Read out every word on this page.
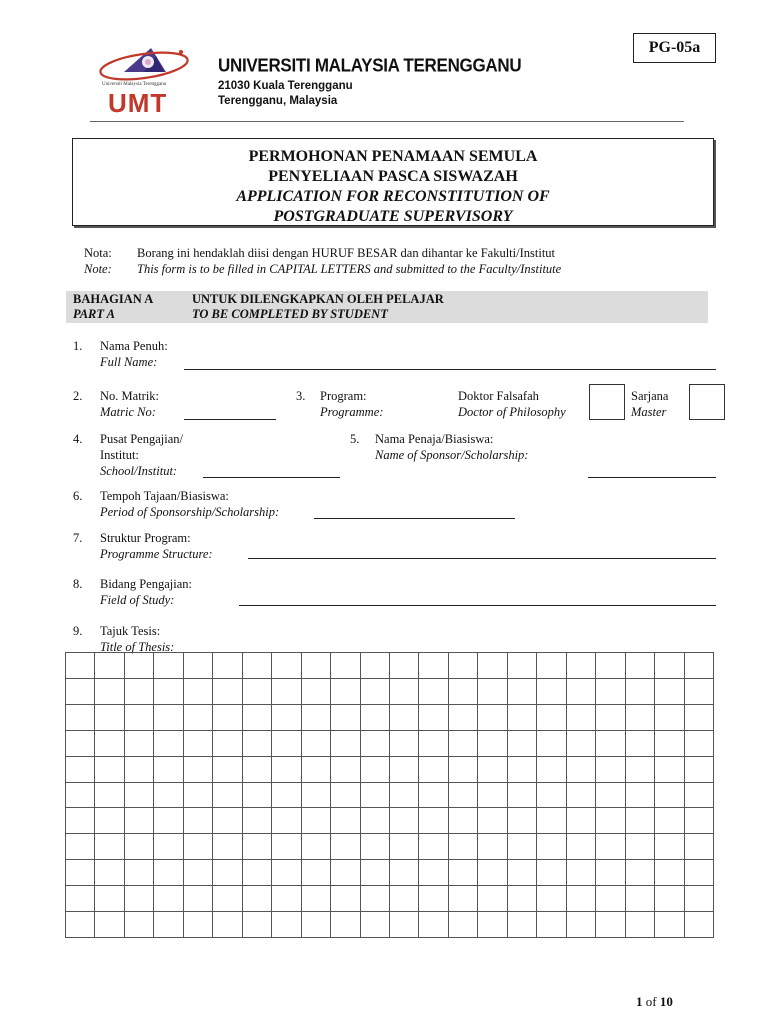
PG-05a
Universiti Malaysia Terengganu
UMT
UNIVERSITI MALAYSIA TERENGGANU
21030 Kuala Terengganu
Terengganu, Malaysia
PERMOHONAN PENAMAAN SEMULA
PENYELIAAN PASCA SISWAZAH
APPLICATION FOR RECONSTITUTION OF
POSTGRADUATE SUPERVISORY
Nota:
Note:
Borang ini hendaklah diisi dengan HURUF BESAR dan dihantar ke Fakulti/Institut
This form is to be filled in CAPITAL LETTERS and submitted to the Faculty/Institute
BAHAGIAN A
PART A
UNTUK DILENGKAPKAN OLEH PELAJAR
TO BE COMPLETED BY STUDENT
1. Nama Penuh:
Full Name:
2. No. Matrik:
Matric No:
3. Program:
Programme:
Doktor Falsafah
Doctor of Philosophy
Sarjana
Master
4. Pusat Pengajian/
Institut:
School/Institut:
5. Nama Penaja/Biasiswa:
Name of Sponsor/Scholarship:
6. Tempoh Tajaan/Biasiswa:
Period of Sponsorship/Scholarship:
7. Struktur Program:
Programme Structure:
8. Bidang Pengajian:
Field of Study:
9. Tajuk Tesis:
Title of Thesis:

1 of 10
